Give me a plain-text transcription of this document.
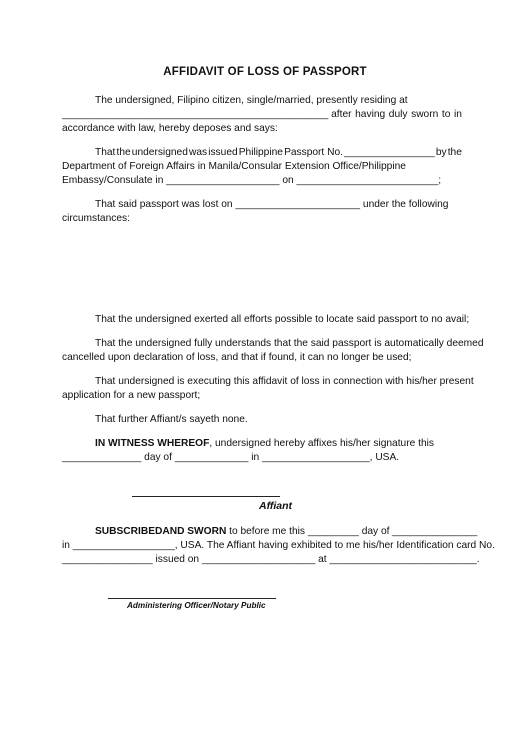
AFFIDAVIT OF LOSS OF PASSPORT
The undersigned, Filipino citizen, single/married, presently residing at
_______________________________________________ after having duly sworn to in
accordance with law, hereby deposes and says:
That the undersigned was issued Philippine Passport No. ________________ by the
Department of Foreign Affairs in Manila/Consular Extension Office/Philippine
Embassy/Consulate in ____________________ on _________________________;
That said passport was lost on ______________________ under the following
circumstances:
That the undersigned exerted all efforts possible to locate said passport to no avail;
That the undersigned fully understands that the said passport is automatically deemed
cancelled upon declaration of loss, and that if found, it can no longer be used;
That undersigned is executing this affidavit of loss in connection with his/her present
application for a new passport;
That further Affiant/s sayeth none.
IN WITNESS WHEREOF, undersigned hereby affixes his/her signature this
______________ day of _____________ in ___________________, USA.
Affiant
SUBSCRIBEDAND SWORN to before me this _________ day of _______________
in __________________, USA. The Affiant having exhibited to me his/her Identification card No.
________________ issued on ____________________ at __________________________.
Administering Officer/Notary Public
